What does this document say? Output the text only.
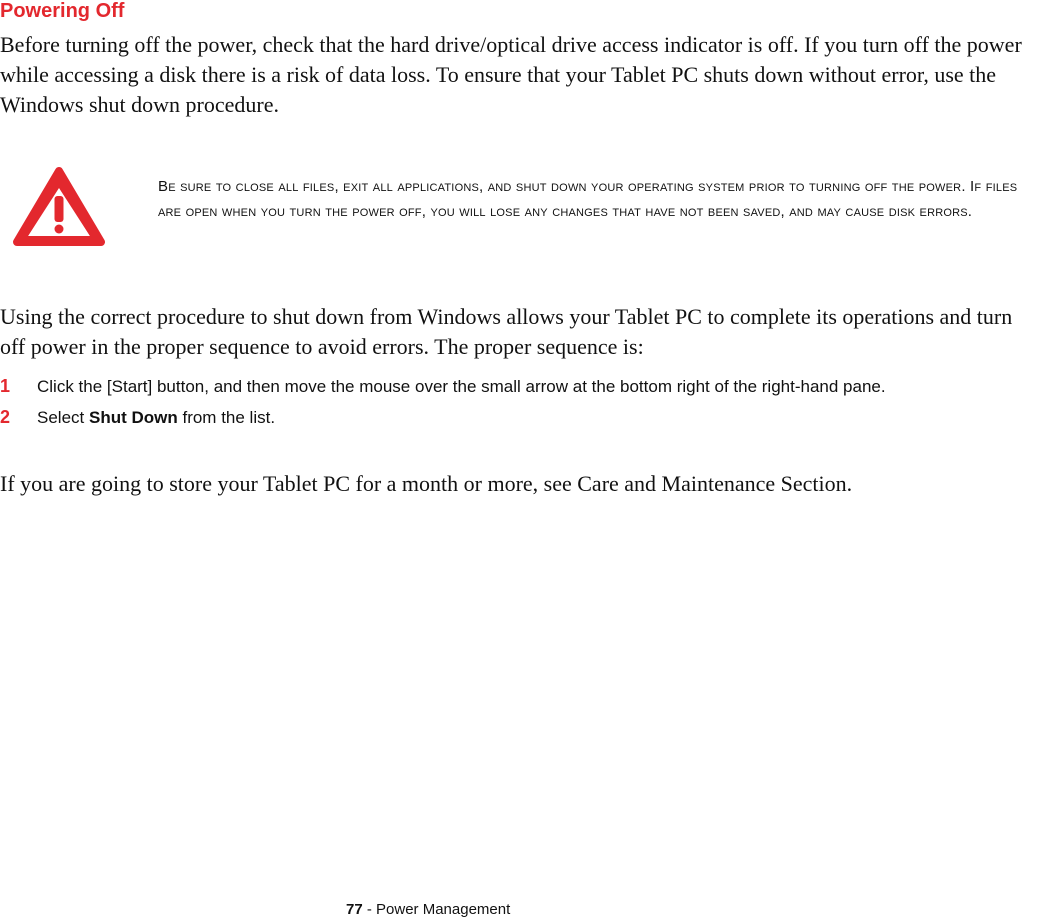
Powering Off

Before turning off the power, check that the hard drive/optical drive access indicator is off. If you turn off the power while accessing a disk there is a risk of data loss. To ensure that your Tablet PC shuts down without error, use the Windows shut down procedure.

Be sure to close all files, exit all applications, and shut down your operating system prior to turning off the power. If files are open when you turn the power off, you will lose any changes that have not been saved, and may cause disk errors.

Using the correct procedure to shut down from Windows allows your Tablet PC to complete its operations and turn off power in the proper sequence to avoid errors. The proper sequence is:

1 Click the [Start] button, and then move the mouse over the small arrow at the bottom right of the right-hand pane.
2 Select Shut Down from the list.

If you are going to store your Tablet PC for a month or more, see Care and Maintenance Section.

77 - Power Management
